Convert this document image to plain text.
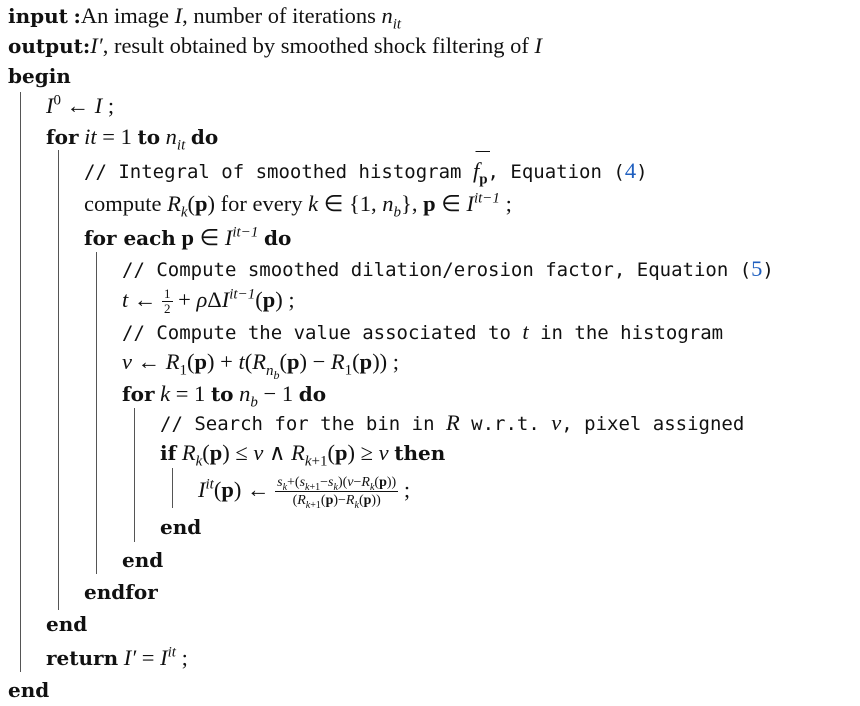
input :An image I, number of iterations $n_{it}$
output:I′, result obtained by smoothed shock filtering of I
begin
$I^0$ ← I ;
for it = 1 to $n_{it}$ do
// Integral of smoothed histogram $f_p$, Equation (4)
compute $R_k(p)$ for every k ∈ {1, $n_b$}, p ∈ $I^{it-1}$ ;
for each p ∈ $I^{it-1}$ do
// Compute smoothed dilation/erosion factor, Equation (5)
t ← $\frac{1}{2} + \rho\Delta I^{it-1}(p)$ ;
// Compute the value associated to t in the histogram
v ← $R_1(p) + t(R_{n_b}(p) - R_1(p))$ ;
for k = 1 to $n_b - 1$ do
// Search for the bin in R w.r.t. v, pixel assigned
if $R_k(p) \le v$ ∧ $R_{k+1}(p) \ge v$ then
$I^{it}(p)$ ← $\frac{s_k+(s_{k+1}-s_k)(v-R_k(p))}{(R_{k+1}(p)-R_k(p))}$ ;
end
end
endfor
end
return $I' = I^{it}$ ;
end
